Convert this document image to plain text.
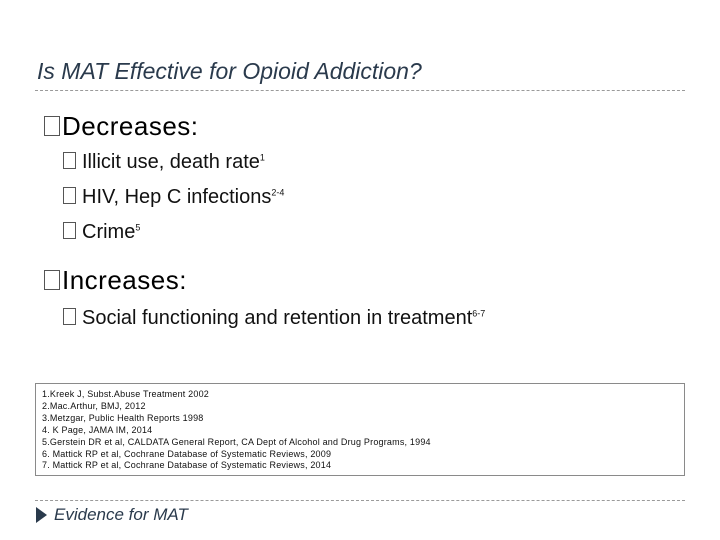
Is MAT Effective for Opioid Addiction?
Decreases:
Illicit use, death rate$^1$
HIV, Hep C infections$^{2-4}$
Crime$^5$
Increases:
Social functioning and retention in treatment$^{6-7}$
1.Kreek J, Subst.Abuse Treatment 2002
2.Mac.Arthur, BMJ, 2012
3.Metzgar, Public Health Reports 1998
4. K Page, JAMA IM, 2014
5.Gerstein DR et al, CALDATA General Report, CA Dept of Alcohol and Drug Programs, 1994
6. Mattick RP et al, Cochrane Database of Systematic Reviews, 2009
7. Mattick RP et al, Cochrane Database of Systematic Reviews, 2014
Evidence for MAT
